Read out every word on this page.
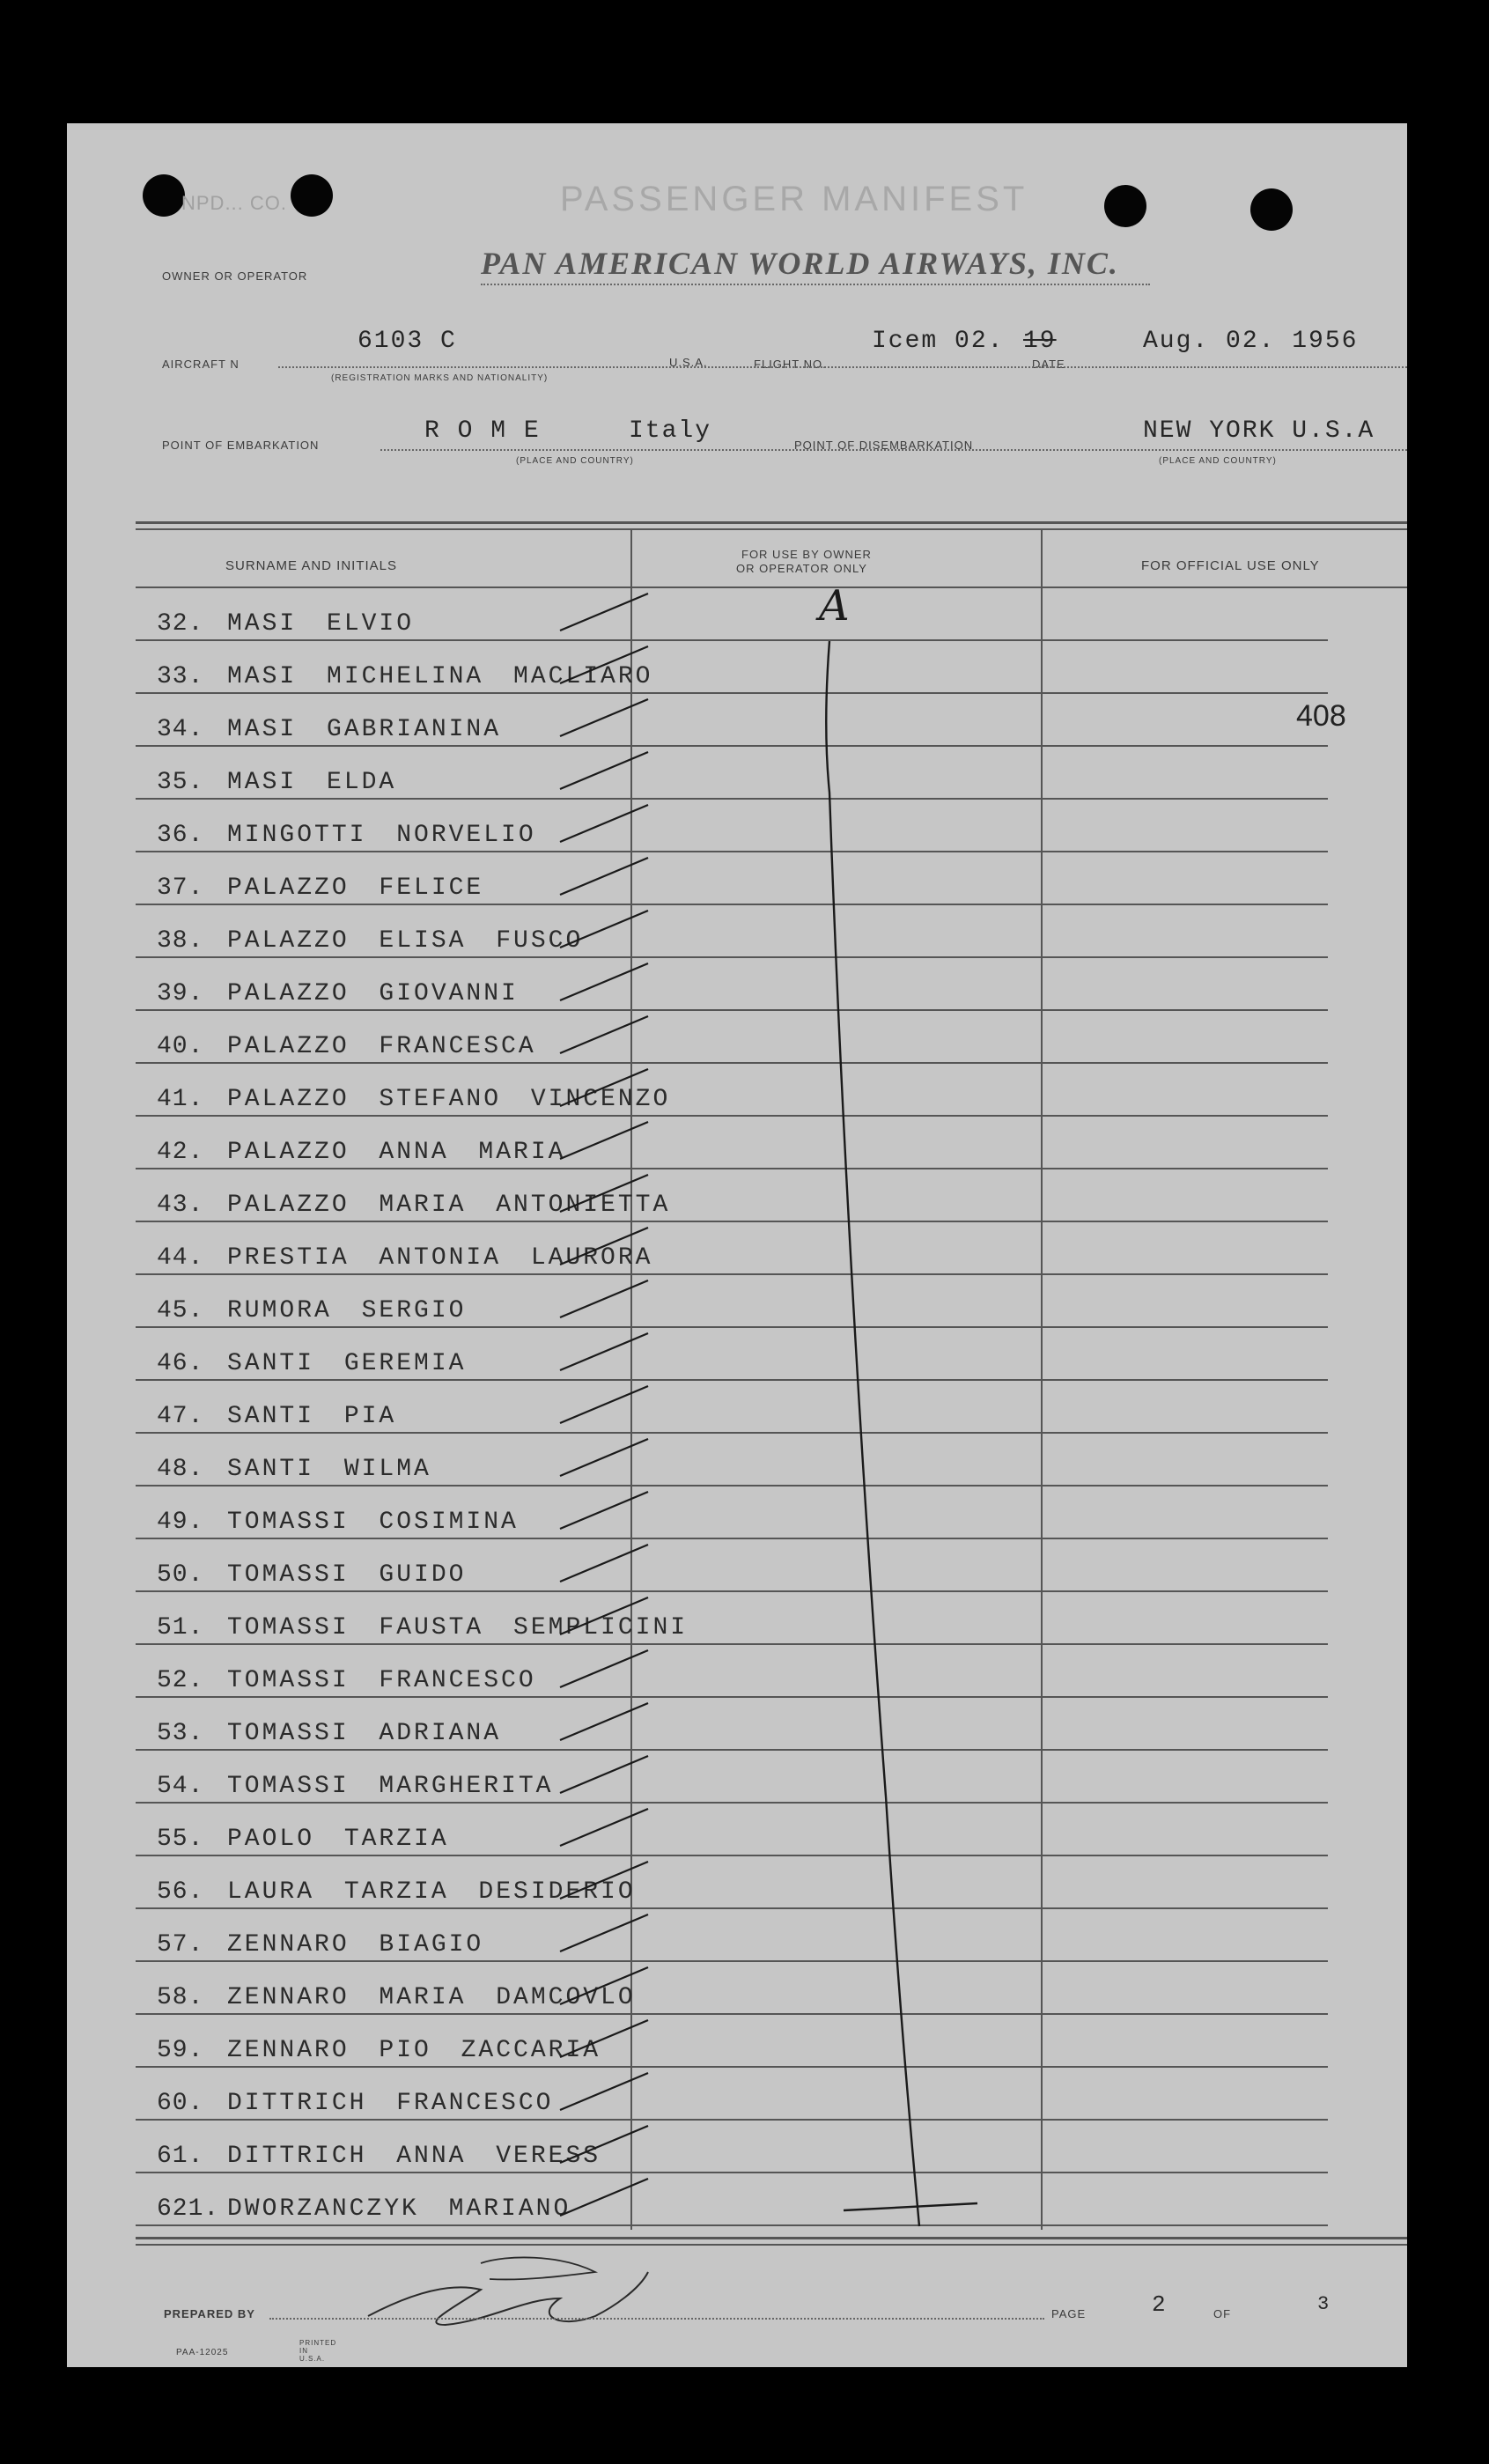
NPD... CO.	PASSENGER MANIFEST
OWNER OR OPERATOR	PAN AMERICAN WORLD AIRWAYS, INC.
AIRCRAFT N
6103 C
(REGISTRATION MARKS AND NATIONALITY)
U.S.A.	FLIGHT NO.
Icem 02. 19
DATE
Aug. 02. 1956
POINT OF EMBARKATION
R O M E	Italy
(PLACE AND COUNTRY)
POINT OF DISEMBARKATION
NEW YORK U.S.A
(PLACE AND COUNTRY)
SURNAME AND INITIALS
FOR USE BY OWNER
OR OPERATOR ONLY	FOR OFFICIAL USE ONLY
32. MASI ELVIO
33. MASI MICHELINA MACLIARO
34. MASI GABRIANINA
35. MASI ELDA
36. MINGOTTI NORVELIO
37. PALAZZO FELICE
38. PALAZZO ELISA FUSCO
39. PALAZZO GIOVANNI
40. PALAZZO FRANCESCA
41. PALAZZO STEFANO VINCENZO
42. PALAZZO ANNA MARIA
43. PALAZZO MARIA ANTONIETTA
44. PRESTIA ANTONIA LAURORA
45. RUMORA SERGIO
46. SANTI GEREMIA
47. SANTI PIA
48. SANTI WILMA
49. TOMASSI COSIMINA
50. TOMASSI GUIDO
51. TOMASSI FAUSTA SEMPLICINI
52. TOMASSI FRANCESCO
53. TOMASSI ADRIANA
54. TOMASSI MARGHERITA
55. PAOLO TARZIA
56. LAURA TARZIA DESIDERIO
57. ZENNARO BIAGIO
58. ZENNARO MARIA DAMCOVLO
59. ZENNARO PIO ZACCARIA
60. DITTRICH FRANCESCO
61. DITTRICH ANNA VERESS
621. DWORZANCZYK MARIANO
A
408
PREPARED BY	PAGE	2	OF	3
PAA-12025
PRINTED IN U.S.A.
